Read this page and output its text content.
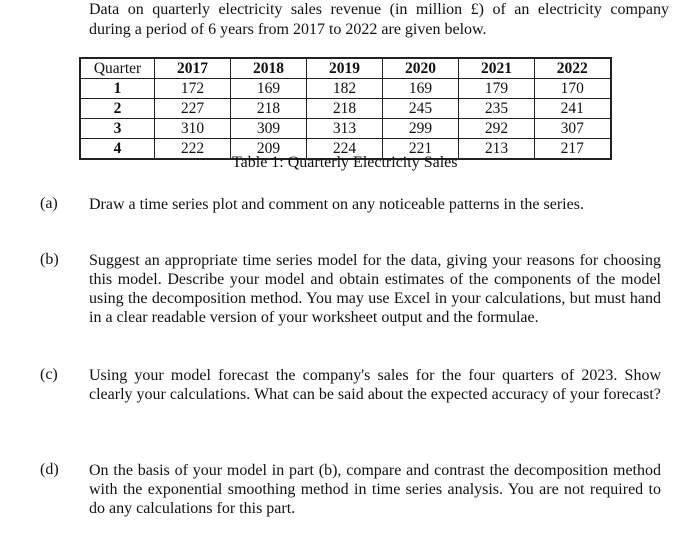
Data on quarterly electricity sales revenue (in million £) of an electricity company
during a period of 6 years from 2017 to 2022 are given below.
Quarter	2017	2018	2019	2020	2021	2022
1	172	169	182	169	179	170
2	227	218	218	245	235	241
3	310	309	313	299	292	307
4	222	209	224	221	213	217
Table 1: Quarterly Electricity Sales
(a) Draw a time series plot and comment on any noticeable patterns in the series.
(b) Suggest an appropriate time series model for the data, giving your reasons for choosing this model. Describe your model and obtain estimates of the components of the model using the decomposition method. You may use Excel in your calculations, but must hand in a clear readable version of your worksheet output and the formulae.
(c) Using your model forecast the company's sales for the four quarters of 2023. Show clearly your calculations. What can be said about the expected accuracy of your forecast?
(d) On the basis of your model in part (b), compare and contrast the decomposition method with the exponential smoothing method in time series analysis. You are not required to do any calculations for this part.
